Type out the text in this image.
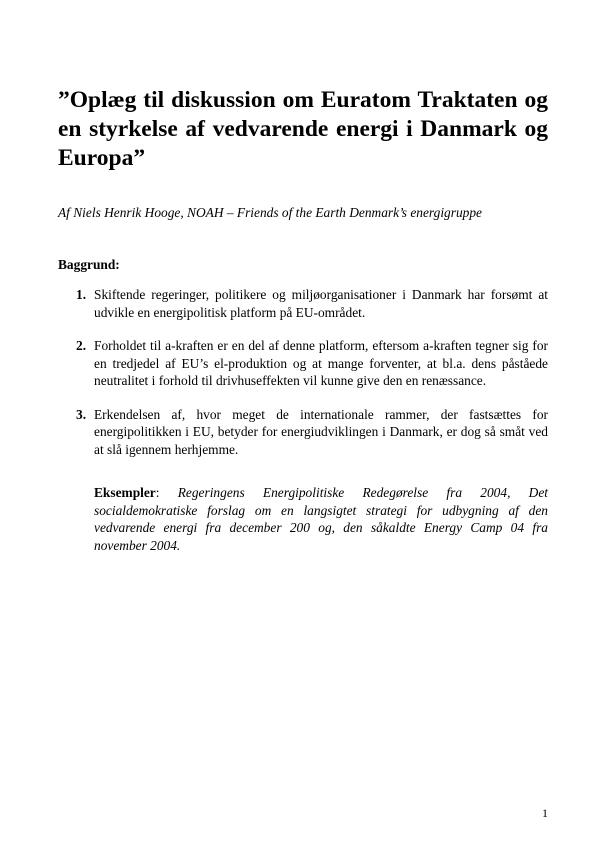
”Oplæg til diskussion om Euratom Traktaten og en styrkelse af vedvarende energi i Danmark og Europa”

Af Niels Henrik Hooge, NOAH – Friends of the Earth Denmark’s energigruppe

Baggrund:

1. Skiftende regeringer, politikere og miljøorganisationer i Danmark har forsømt at udvikle en energipolitisk platform på EU-området.
2. Forholdet til a-kraften er en del af denne platform, eftersom a-kraften tegner sig for en tredjedel af EU’s el-produktion og at mange forventer, at bl.a. dens påståede neutralitet i forhold til drivhuseffekten vil kunne give den en renæssance.
3. Erkendelsen af, hvor meget de internationale rammer, der fastsættes for energipolitikken i EU, betyder for energiudviklingen i Danmark, er dog så småt ved at slå igennem herhjemme.

Eksempler: Regeringens Energipolitiske Redegørelse fra 2004, Det socialdemokratiske forslag om en langsigtet strategi for udbygning af den vedvarende energi fra december 200 og, den såkaldte Energy Camp 04 fra november 2004.

1
